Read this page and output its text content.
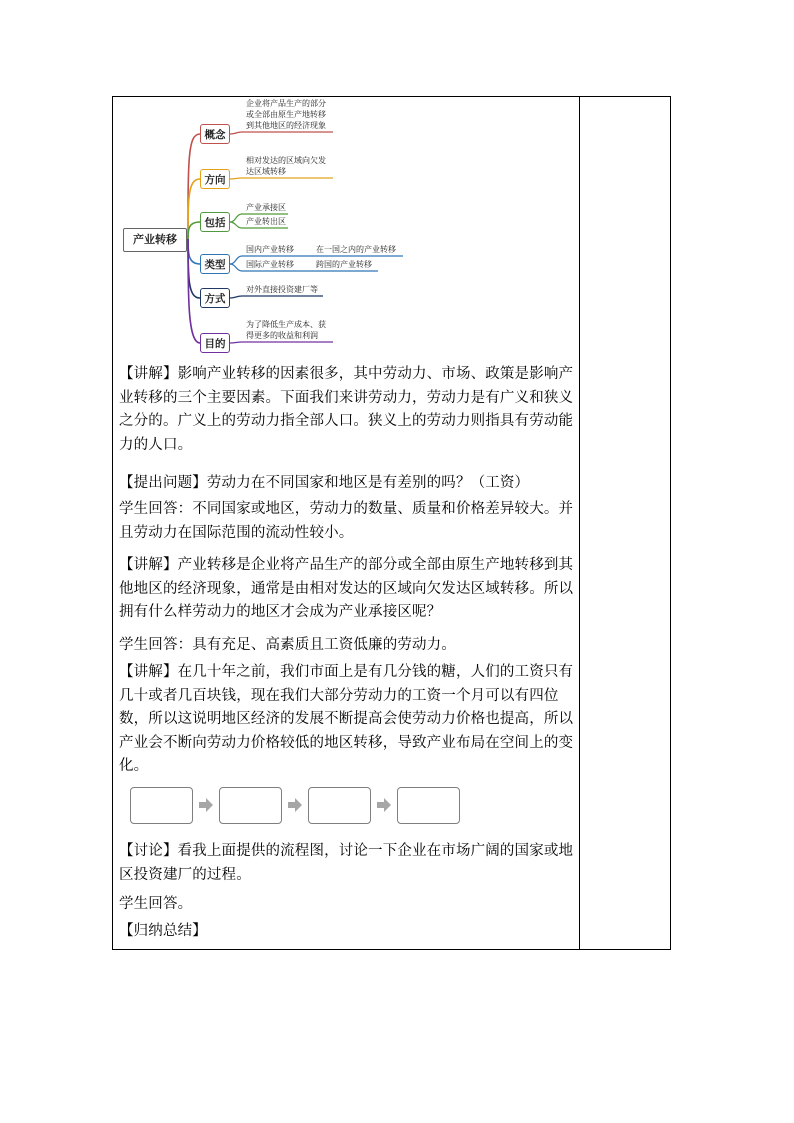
产业转移
概念
方向
包括
类型
方式
目的
企业将产品生产的部分
或全部由原生产地转移
到其他地区的经济现象
相对发达的区域向欠发
达区域转移
产业承接区
产业转出区
国内产业转移	在一国之内的产业转移
国际产业转移	跨国的产业转移
对外直接投资建厂等
为了降低生产成本、获
得更多的收益和利润

【讲解】影响产业转移的因素很多，其中劳动力、市场、政策是影响产业转移的三个主要因素。下面我们来讲劳动力，劳动力是有广义和狭义之分的。广义上的劳动力指全部人口。狭义上的劳动力则指具有劳动能力的人口。

【提出问题】劳动力在不同国家和地区是有差别的吗？（工资）

学生回答：不同国家或地区，劳动力的数量、质量和价格差异较大。并且劳动力在国际范围的流动性较小。

【讲解】产业转移是企业将产品生产的部分或全部由原生产地转移到其他地区的经济现象，通常是由相对发达的区域向欠发达区域转移。所以拥有什么样劳动力的地区才会成为产业承接区呢？

学生回答：具有充足、高素质且工资低廉的劳动力。

【讲解】在几十年之前，我们市面上是有几分钱的糖，人们的工资只有几十或者几百块钱，现在我们大部分劳动力的工资一个月可以有四位数，所以这说明地区经济的发展不断提高会使劳动力价格也提高，所以产业会不断向劳动力价格较低的地区转移，导致产业布局在空间上的变化。

【讨论】看我上面提供的流程图，讨论一下企业在市场广阔的国家或地区投资建厂的过程。

学生回答。

【归纳总结】
